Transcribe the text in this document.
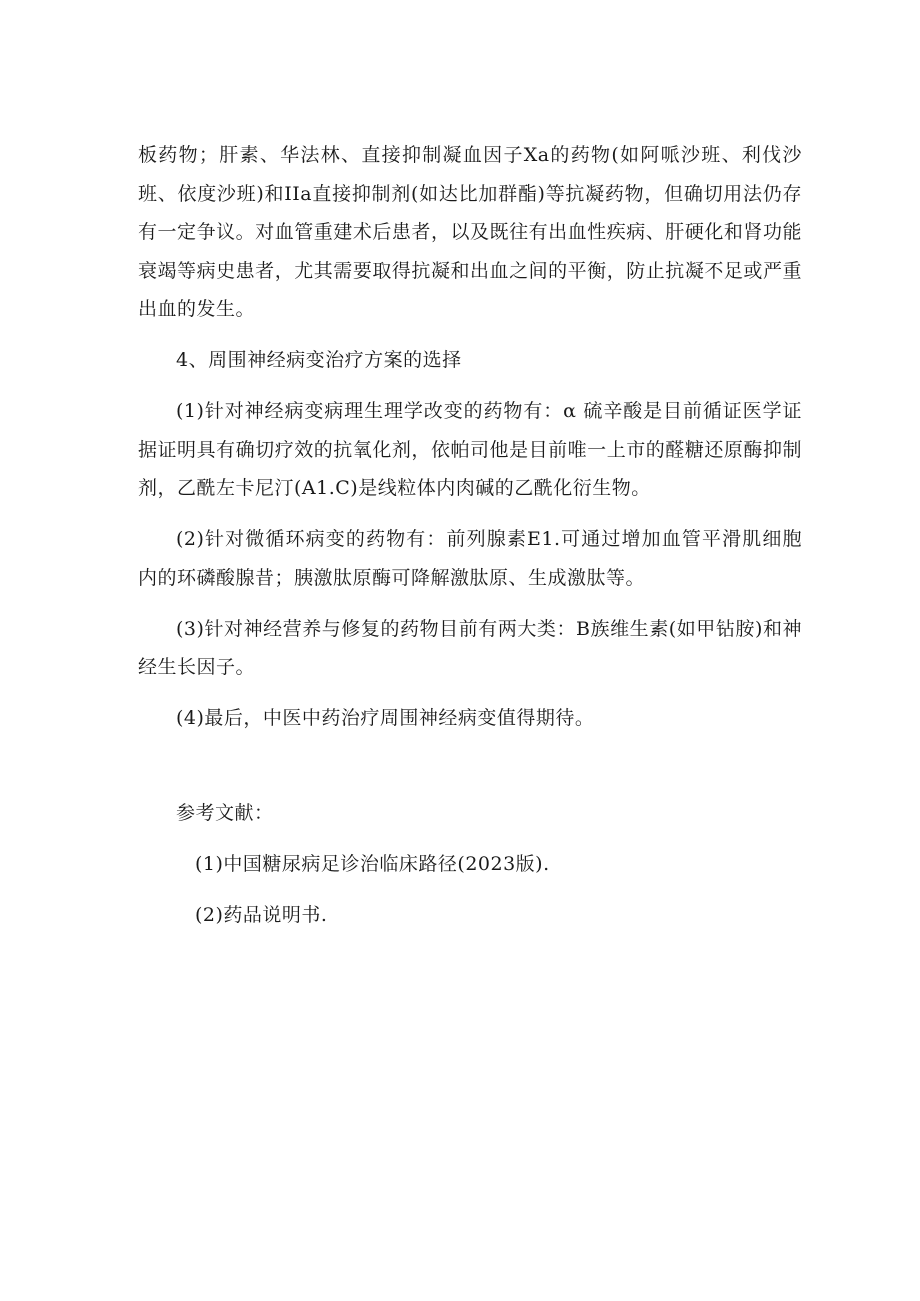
板药物；肝素、华法林、直接抑制凝血因子Xa的药物(如阿哌沙班、利伐沙班、依度沙班)和IIa直接抑制剂(如达比加群酯)等抗凝药物，但确切用法仍存有一定争议。对血管重建术后患者，以及既往有出血性疾病、肝硬化和肾功能衰竭等病史患者，尤其需要取得抗凝和出血之间的平衡，防止抗凝不足或严重出血的发生。

4、周围神经病变治疗方案的选择

(1)针对神经病变病理生理学改变的药物有：α 硫辛酸是目前循证医学证据证明具有确切疗效的抗氧化剂，依帕司他是目前唯一上市的醛糖还原酶抑制剂，乙酰左卡尼汀(A1.C)是线粒体内肉碱的乙酰化衍生物。

(2)针对微循环病变的药物有：前列腺素E1.可通过增加血管平滑肌细胞内的环磷酸腺昔；胰激肽原酶可降解激肽原、生成激肽等。

(3)针对神经营养与修复的药物目前有两大类：B族维生素(如甲钻胺)和神经生长因子。

(4)最后，中医中药治疗周围神经病变值得期待。

参考文献：

(1)中国糖尿病足诊治临床路径(2023版).

(2)药品说明书.
